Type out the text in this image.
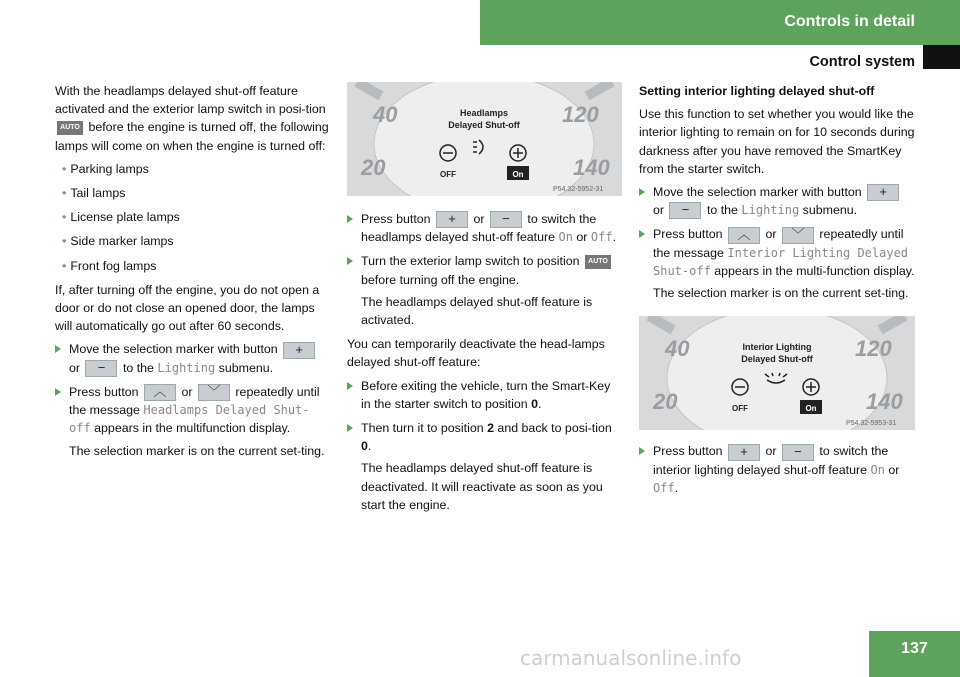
Controls in detail
Control system

With the headlamps delayed shut-off feature activated and the exterior lamp switch in posi-tion AUTO before the engine is turned off, the following lamps will come on when the engine is turned off:

• Parking lamps
• Tail lamps
• License plate lamps
• Side marker lamps
• Front fog lamps

If, after turning off the engine, you do not open a door or do not close an opened door, the lamps will automatically go out after 60 seconds.

Move the selection marker with button + or − to the Lighting submenu.
Press button ︿ or ﹀ repeatedly until the message Headlamps Delayed Shut-off appears in the multifunction display.
The selection marker is on the current set-ting.
40
20
120
140
Headlamps
Delayed Shut-off
OFF	On
P54.32-5952-31
Press button + or − to switch the headlamps delayed shut-off feature On or Off.
Turn the exterior lamp switch to position AUTO before turning off the engine.
The headlamps delayed shut-off feature is activated.

You can temporarily deactivate the head-lamps delayed shut-off feature:

Before exiting the vehicle, turn the Smart-Key in the starter switch to position 0.
Then turn it to position 2 and back to posi-tion 0.
The headlamps delayed shut-off feature is deactivated. It will reactivate as soon as you start the engine.
Setting interior lighting delayed shut-off

Use this function to set whether you would like the interior lighting to remain on for 10 seconds during darkness after you have removed the SmartKey from the starter switch.

Move the selection marker with button + or − to the Lighting submenu.
Press button ︿ or ﹀ repeatedly until the message Interior Lighting Delayed Shut-off appears in the multi-function display.
The selection marker is on the current set-ting.
40
20
120
140
Interior Lighting
Delayed Shut-off
OFF	On
P54.32-5953-31
Press button + or − to switch the interior lighting delayed shut-off feature On or Off.
carmanualsonline.info	137
